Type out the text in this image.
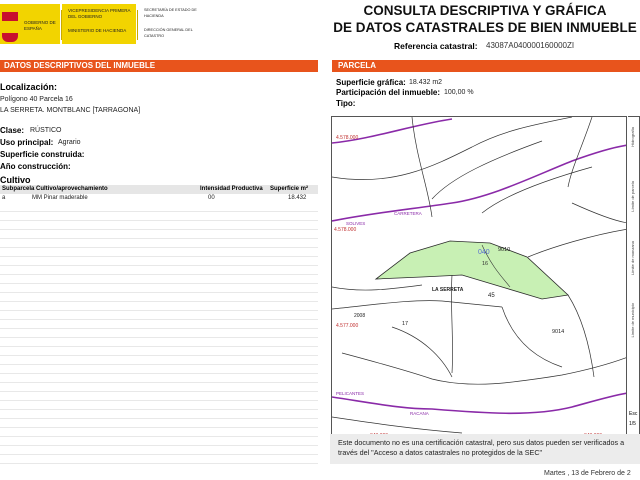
GOBIERNO DE ESPAÑA
VICEPRESIDENCIA PRIMERA DEL GOBIERNO
MINISTERIO DE HACIENDA
SECRETARÍA DE ESTADO DE HACIENDA
DIRECCIÓN GENERAL DEL CATASTRO
CONSULTA DESCRIPTIVA Y GRÁFICA
DE DATOS CATASTRALES DE BIEN INMUEBLE
Referencia catastral: 43087A040000160000ZI
DATOS DESCRIPTIVOS DEL INMUEBLE	PARCELA
Localización:
Polígono 40 Parcela 16
LA SERRETA. MONTBLANC [TARRAGONA]
Clase: RÚSTICO
Uso principal: Agrario
Superficie construida:
Año construcción:
Cultivo
Subparcela Cultivo/aprovechamiento	Intensidad Productiva Superficie m²
a	MM Pinar maderable	00	18.432
Superficie gráfica: 18.432 m2
Participación del inmueble: 100,00 %
Tipo:
4.578.000
4.578.000
4.577.000
040
16
9010
9014
LA SERRETA
17
45
2008
SOLIVES
CARRETERA
PELICANTES
RACANA
Hidrografía
Límite de parcela
Límite de manzana
Límite de municipio
Esc
1/5
Este documento no es una certificación catastral, pero sus datos pueden ser verificados a
través del "Acceso a datos catastrales no protegidos de la SEC"
Martes , 13 de Febrero de 2
